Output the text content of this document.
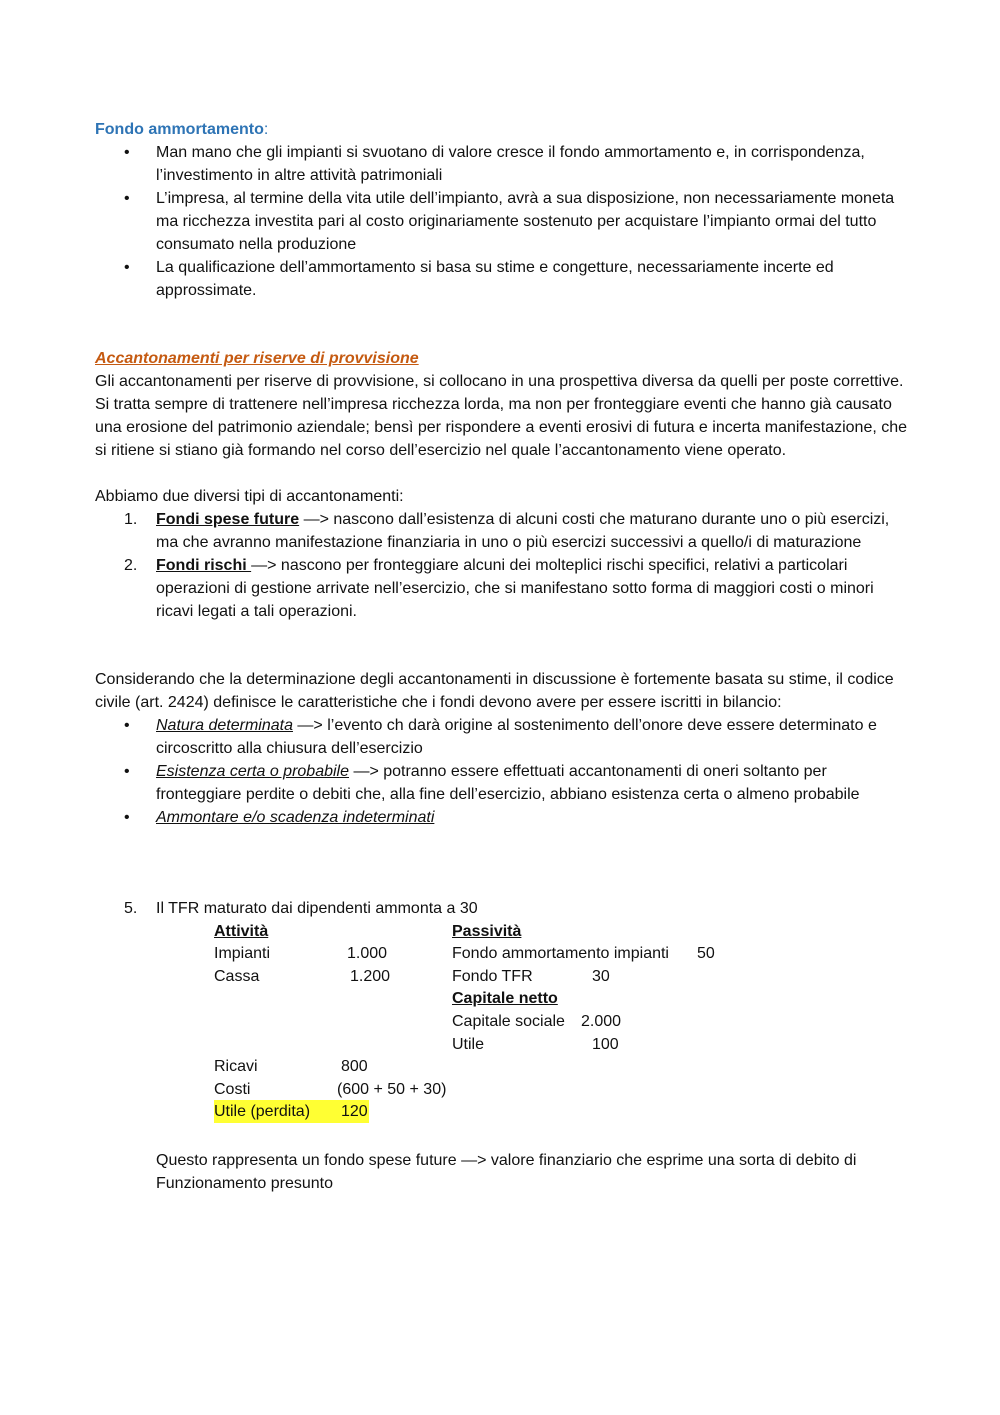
Fondo ammortamento:

• Man mano che gli impianti si svuotano di valore cresce il fondo ammortamento e, in corrispondenza, l’investimento in altre attività patrimoniali
• L’impresa, al termine della vita utile dell’impianto, avrà a sua disposizione, non necessariamente moneta ma ricchezza investita pari al costo originariamente sostenuto per acquistare l’impianto ormai del tutto consumato nella produzione
• La qualificazione dell’ammortamento si basa su stime e congetture, necessariamente incerte ed approssimate.

Accantonamenti per riserve di provvisione

Gli accantonamenti per riserve di provvisione, si collocano in una prospettiva diversa da quelli per poste correttive. Si tratta sempre di trattenere nell’impresa ricchezza lorda, ma non per fronteggiare eventi che hanno già causato una erosione del patrimonio aziendale; bensì per rispondere a eventi erosivi di futura e incerta manifestazione, che si ritiene si stiano già formando nel corso dell’esercizio nel quale l’accantonamento viene operato.

Abbiamo due diversi tipi di accantonamenti:

1. Fondi spese future —> nascono dall’esistenza di alcuni costi che maturano durante uno o più esercizi, ma che avranno manifestazione finanziaria in uno o più esercizi successivi a quello/i di maturazione
2. Fondi rischi —> nascono per fronteggiare alcuni dei molteplici rischi specifici, relativi a particolari operazioni di gestione arrivate nell’esercizio, che si manifestano sotto forma di maggiori costi o minori ricavi legati a tali operazioni.

Considerando che la determinazione degli accantonamenti in discussione è fortemente basata su stime, il codice civile (art. 2424) definisce le caratteristiche che i fondi devono avere per essere iscritti in bilancio:

• Natura determinata —> l’evento ch darà origine al sostenimento dell’onore deve essere determinato e circoscritto alla chiusura dell’esercizio
• Esistenza certa o probabile —> potranno essere effettuati accantonamenti di oneri soltanto per fronteggiare perdite o debiti che, alla fine dell’esercizio, abbiano esistenza certa o almeno probabile
• Ammontare e/o scadenza indeterminati
5. Il TFR maturato dai dipendenti ammonta a 30
Attività	Passività
Impianti	1.000	Fondo ammortamento impianti 50
Cassa	1.200	Fondo TFR	30
Capitale netto
Capitale sociale 2.000
Utile	100
Ricavi	800
Costi	(600 + 50 + 30)
Utile (perdita) 120

Questo rappresenta un fondo spese future —> valore finanziario che esprime una sorta di debito di Funzionamento presunto
